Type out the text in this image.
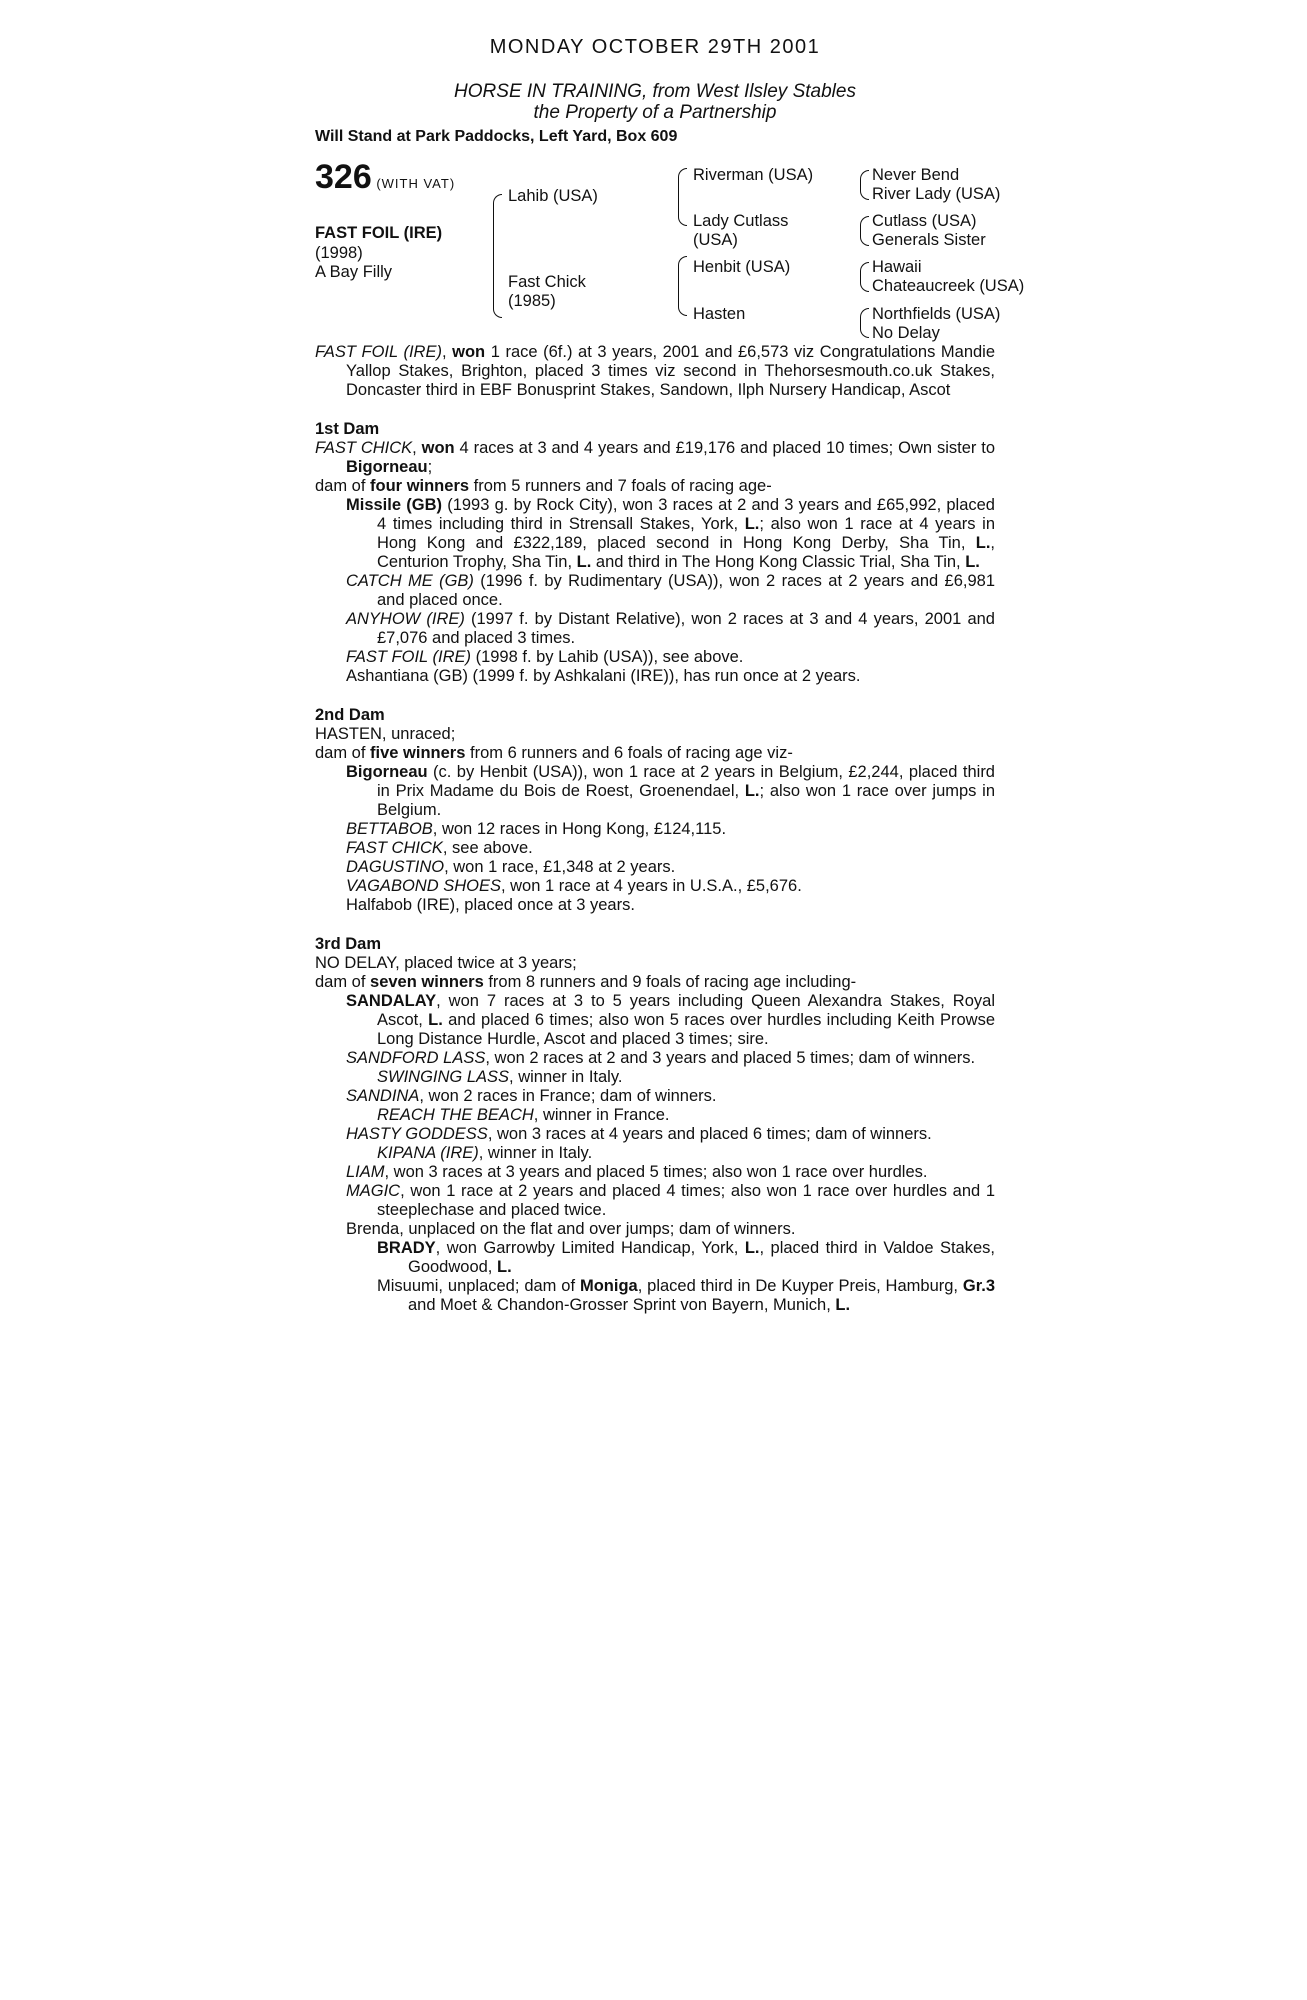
MONDAY OCTOBER 29TH 2001
HORSE IN TRAINING, from West Ilsley Stables
the Property of a Partnership
Will Stand at Park Paddocks, Left Yard, Box 609
326 (WITH VAT)
FAST FOIL (IRE)
(1998)
A Bay Filly
Lahib (USA)
Fast Chick
(1985)
Riverman (USA)
Lady Cutlass
(USA)
Henbit (USA)
Hasten
Never Bend
River Lady (USA)
Cutlass (USA)
Generals Sister
Hawaii
Chateaucreek (USA)
Northfields (USA)
No Delay
FAST FOIL (IRE), won 1 race (6f.) at 3 years, 2001 and £6,573 viz Congratulations Mandie Yallop Stakes, Brighton, placed 3 times viz second in Thehorsesmouth.co.uk Stakes, Doncaster third in EBF Bonusprint Stakes, Sandown, Ilph Nursery Handicap, Ascot
1st Dam
FAST CHICK, won 4 races at 3 and 4 years and £19,176 and placed 10 times; Own sister to Bigorneau;
dam of four winners from 5 runners and 7 foals of racing age-
Missile (GB) (1993 g. by Rock City), won 3 races at 2 and 3 years and £65,992, placed 4 times including third in Strensall Stakes, York, L.; also won 1 race at 4 years in Hong Kong and £322,189, placed second in Hong Kong Derby, Sha Tin, L., Centurion Trophy, Sha Tin, L. and third in The Hong Kong Classic Trial, Sha Tin, L.
CATCH ME (GB) (1996 f. by Rudimentary (USA)), won 2 races at 2 years and £6,981 and placed once.
ANYHOW (IRE) (1997 f. by Distant Relative), won 2 races at 3 and 4 years, 2001 and £7,076 and placed 3 times.
FAST FOIL (IRE) (1998 f. by Lahib (USA)), see above.
Ashantiana (GB) (1999 f. by Ashkalani (IRE)), has run once at 2 years.
2nd Dam
HASTEN, unraced;
dam of five winners from 6 runners and 6 foals of racing age viz-
Bigorneau (c. by Henbit (USA)), won 1 race at 2 years in Belgium, £2,244, placed third in Prix Madame du Bois de Roest, Groenendael, L.; also won 1 race over jumps in Belgium.
BETTABOB, won 12 races in Hong Kong, £124,115.
FAST CHICK, see above.
DAGUSTINO, won 1 race, £1,348 at 2 years.
VAGABOND SHOES, won 1 race at 4 years in U.S.A., £5,676.
Halfabob (IRE), placed once at 3 years.
3rd Dam
NO DELAY, placed twice at 3 years;
dam of seven winners from 8 runners and 9 foals of racing age including-
SANDALAY, won 7 races at 3 to 5 years including Queen Alexandra Stakes, Royal Ascot, L. and placed 6 times; also won 5 races over hurdles including Keith Prowse Long Distance Hurdle, Ascot and placed 3 times; sire.
SANDFORD LASS, won 2 races at 2 and 3 years and placed 5 times; dam of winners.
SWINGING LASS, winner in Italy.
SANDINA, won 2 races in France; dam of winners.
REACH THE BEACH, winner in France.
HASTY GODDESS, won 3 races at 4 years and placed 6 times; dam of winners.
KIPANA (IRE), winner in Italy.
LIAM, won 3 races at 3 years and placed 5 times; also won 1 race over hurdles.
MAGIC, won 1 race at 2 years and placed 4 times; also won 1 race over hurdles and 1 steeplechase and placed twice.
Brenda, unplaced on the flat and over jumps; dam of winners.
BRADY, won Garrowby Limited Handicap, York, L., placed third in Valdoe Stakes, Goodwood, L.
Misuumi, unplaced; dam of Moniga, placed third in De Kuyper Preis, Hamburg, Gr.3 and Moet & Chandon-Grosser Sprint von Bayern, Munich, L.
